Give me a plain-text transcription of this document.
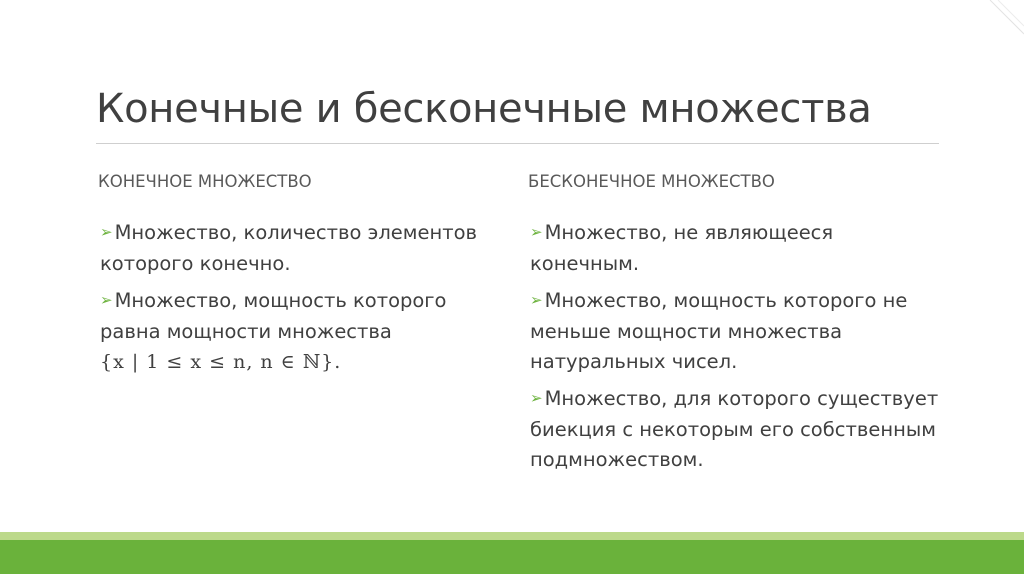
Конечные и бесконечные множества
КОНЕЧНОЕ МНОЖЕСТВО
➢ Множество, количество элементов которого конечно.
➢ Множество, мощность которого равна мощности множества
{x | 1 ≤ x ≤ n, n ∈ ℕ}.
БЕСКОНЕЧНОЕ МНОЖЕСТВО
➢ Множество, не являющееся конечным.
➢ Множество, мощность которого не меньше мощности множества натуральных чисел.
➢ Множество, для которого существует биекция с некоторым его собственным подмножеством.
